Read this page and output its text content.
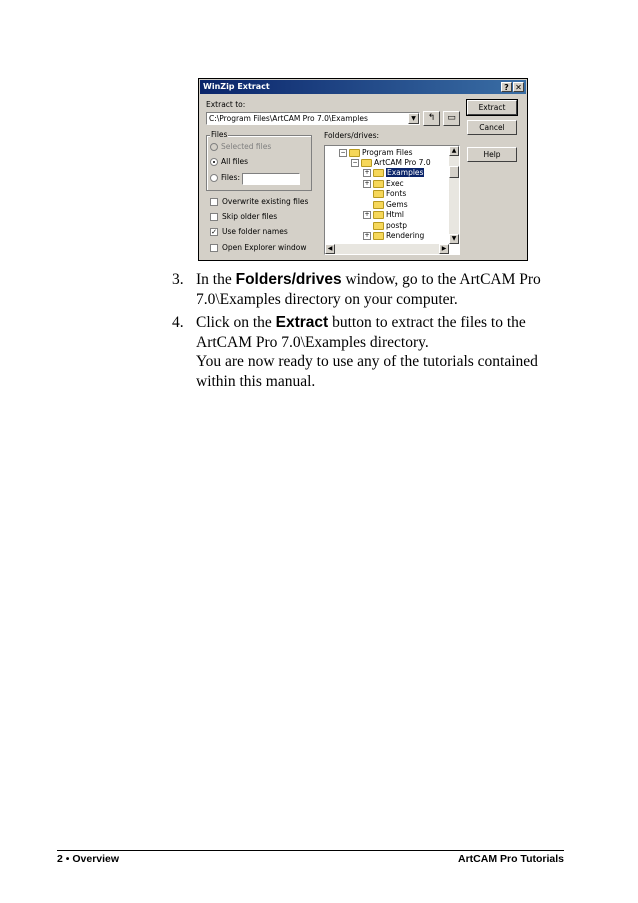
WinZip Extract	? ✕
Extract to:
C:\Program Files\ArtCAM Pro 7.0\Examples	▼	↰	▭
Extract
Cancel
Help
Files
Selected files
All files
Files:
Overwrite existing files
Skip older files
✓ Use folder names
Open Explorer window
Folders/drives:
− Program Files
− ArtCAM Pro 7.0
+ Examples
+ Exec
Fonts
Gems
+ Html
postp
+ Rendering
▲
▼
◀	▶
3. In the Folders/drives window, go to the ArtCAM Pro 7.0\Examples directory on your computer.
4. Click on the Extract button to extract the files to the ArtCAM Pro 7.0\Examples directory.
You are now ready to use any of the tutorials contained within this manual.
2 • Overview	ArtCAM Pro Tutorials
